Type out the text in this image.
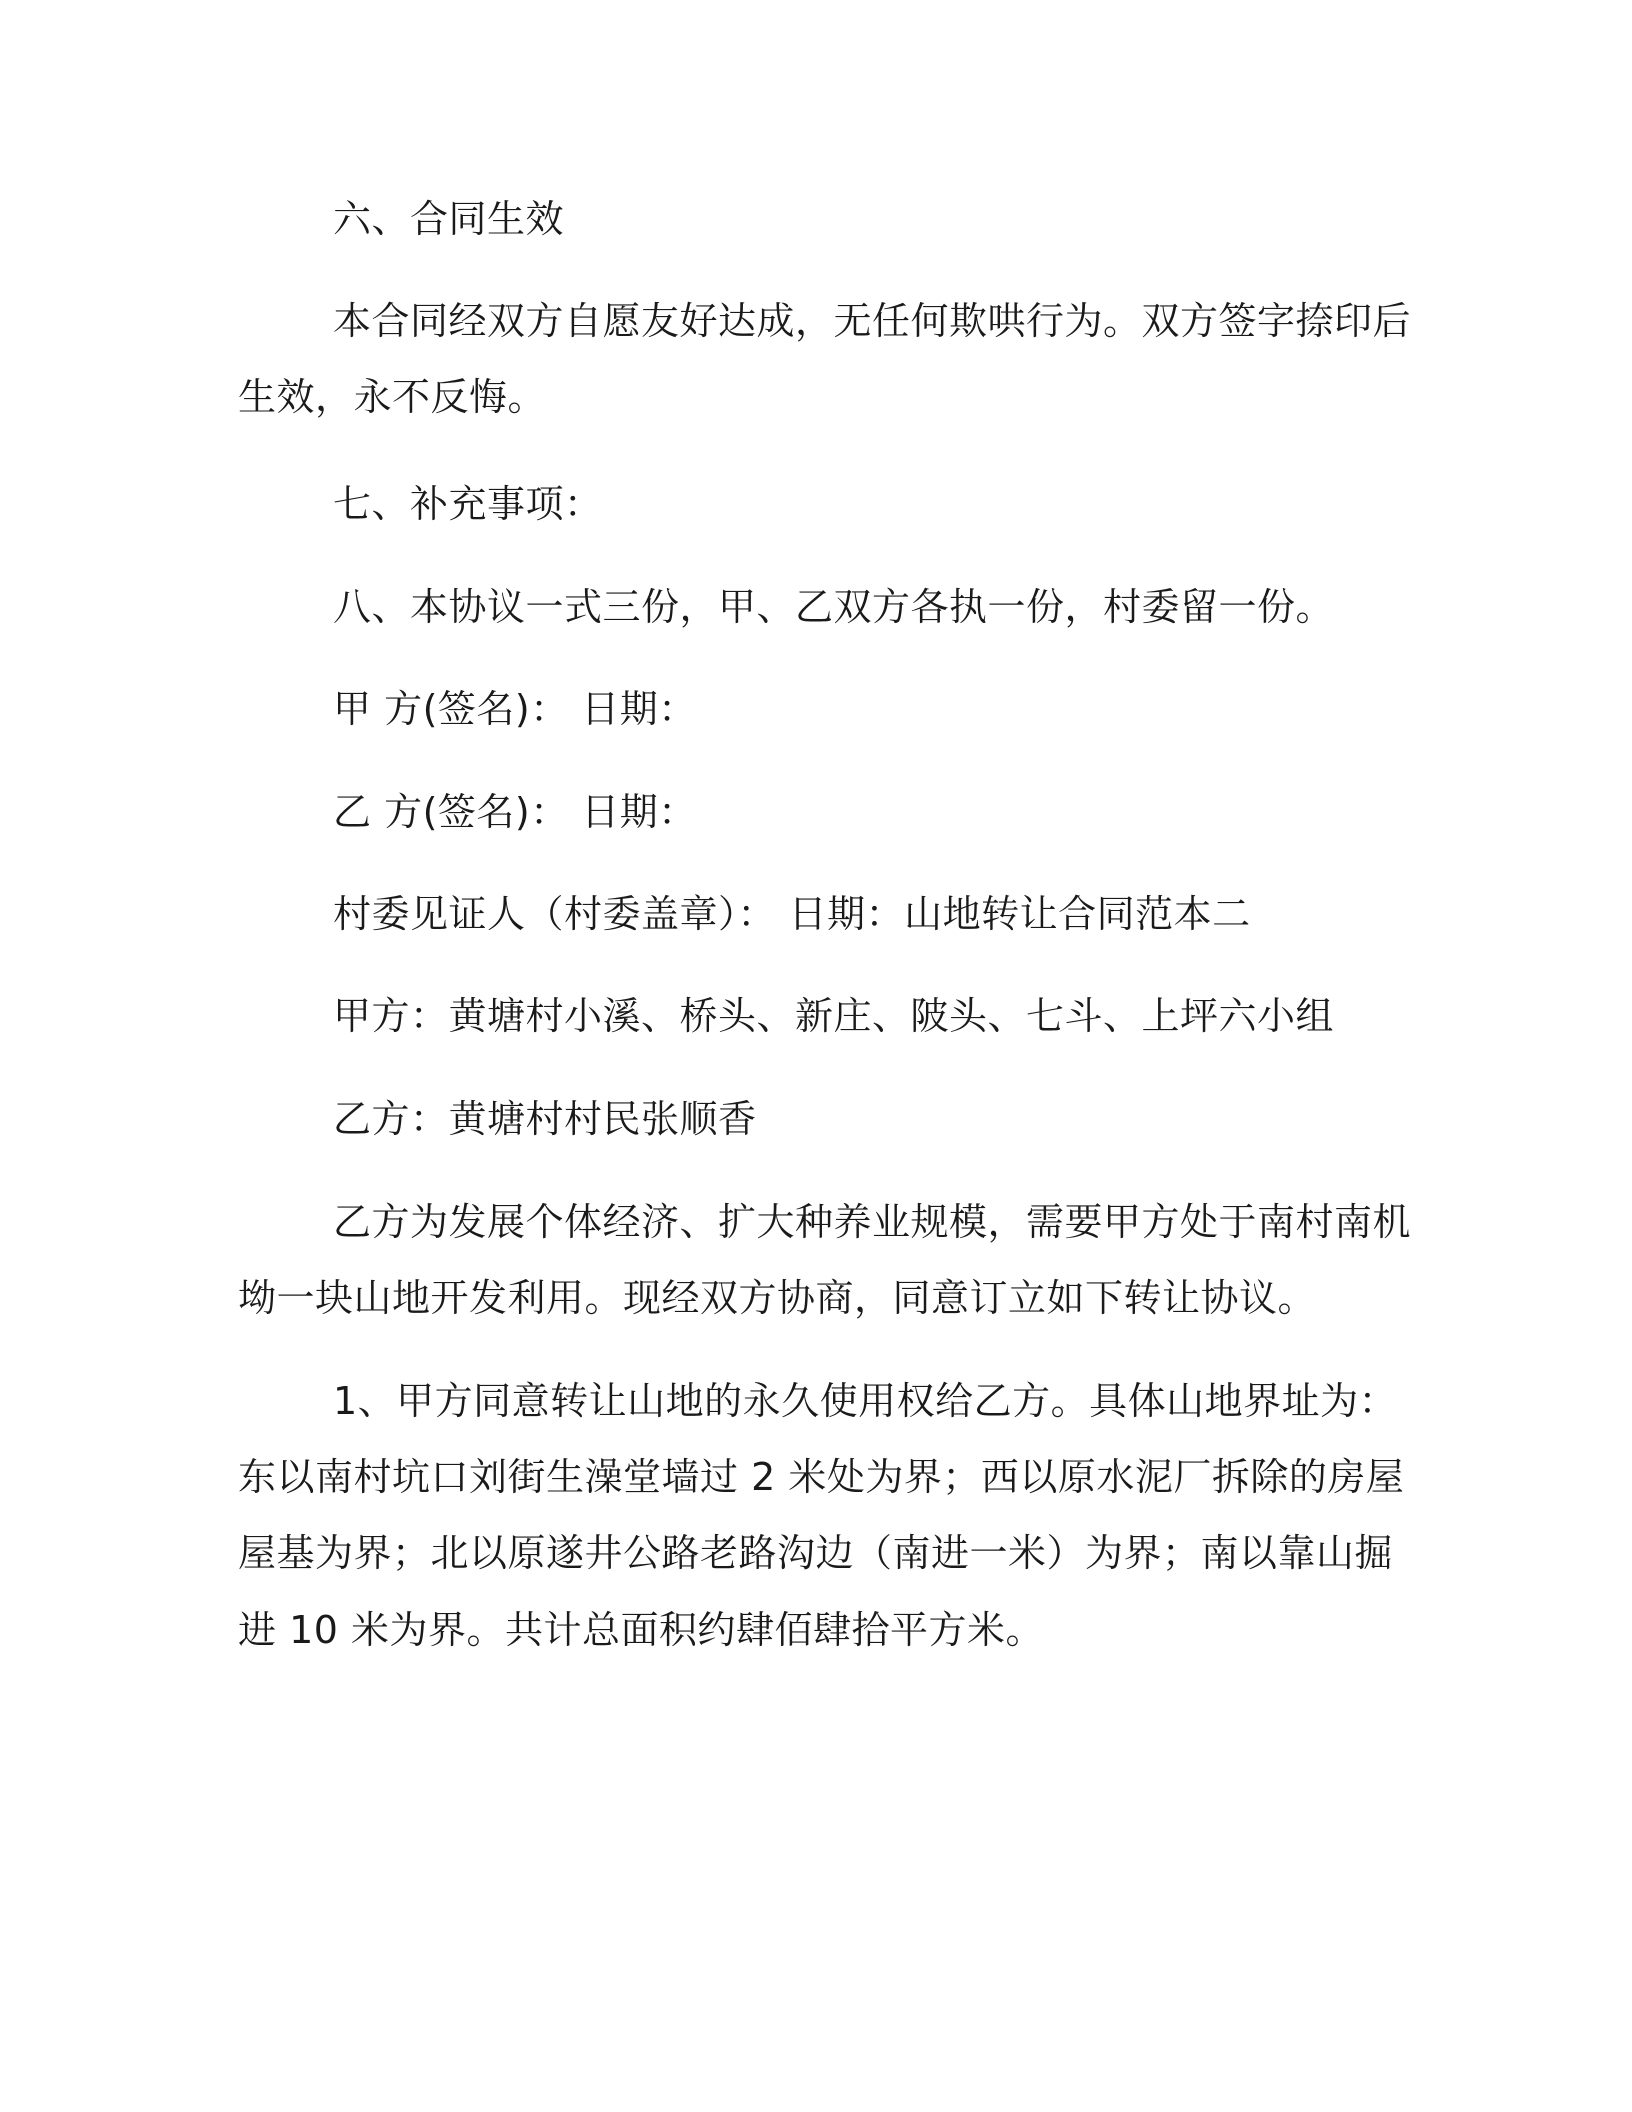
六、合同生效
本合同经双方自愿友好达成，无任何欺哄行为。双方签字捺印后
生效，永不反悔。
七、补充事项：
八、本协议一式三份，甲、乙双方各执一份，村委留一份。
甲 方(签名)： 日期：
乙 方(签名)： 日期：
村委见证人（村委盖章）： 日期：山地转让合同范本二
甲方：黄塘村小溪、桥头、新庄、陂头、七斗、上坪六小组
乙方：黄塘村村民张顺香
乙方为发展个体经济、扩大种养业规模，需要甲方处于南村南机
坳一块山地开发利用。现经双方协商，同意订立如下转让协议。
1、甲方同意转让山地的永久使用权给乙方。具体山地界址为：
东以南村坑口刘街生澡堂墙过 2 米处为界；西以原水泥厂拆除的房屋
屋基为界；北以原遂井公路老路沟边（南进一米）为界；南以靠山掘
进 10 米为界。共计总面积约肆佰肆拾平方米。
